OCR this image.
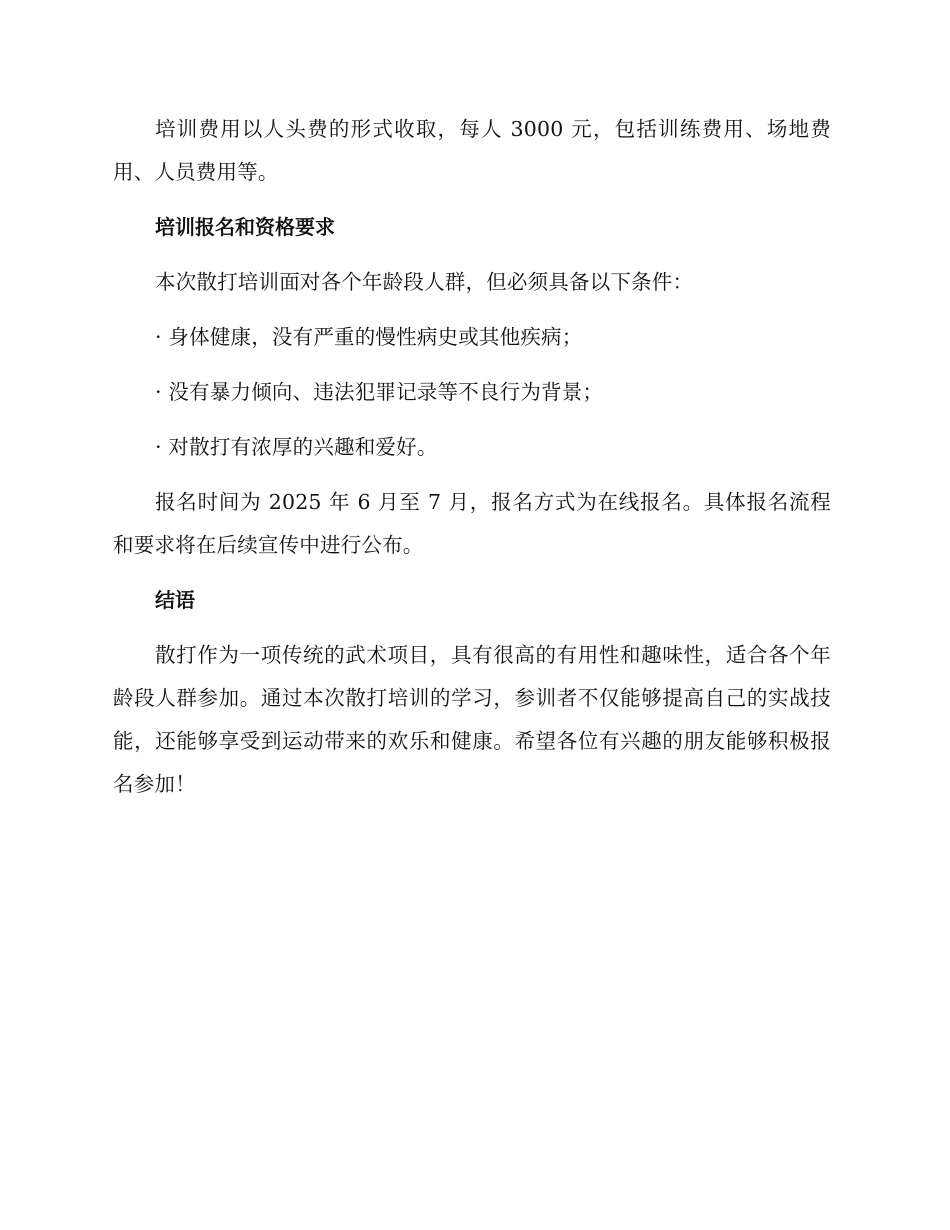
培训费用以人头费的形式收取，每人 3000 元，包括训练费用、场地费用、人员费用等。

培训报名和资格要求

本次散打培训面对各个年龄段人群，但必须具备以下条件：

· 身体健康，没有严重的慢性病史或其他疾病；

· 没有暴力倾向、违法犯罪记录等不良行为背景；

· 对散打有浓厚的兴趣和爱好。

报名时间为 2025 年 6 月至 7 月，报名方式为在线报名。具体报名流程和要求将在后续宣传中进行公布。

结语

散打作为一项传统的武术项目，具有很高的有用性和趣味性，适合各个年龄段人群参加。通过本次散打培训的学习，参训者不仅能够提高自己的实战技能，还能够享受到运动带来的欢乐和健康。希望各位有兴趣的朋友能够积极报名参加！
